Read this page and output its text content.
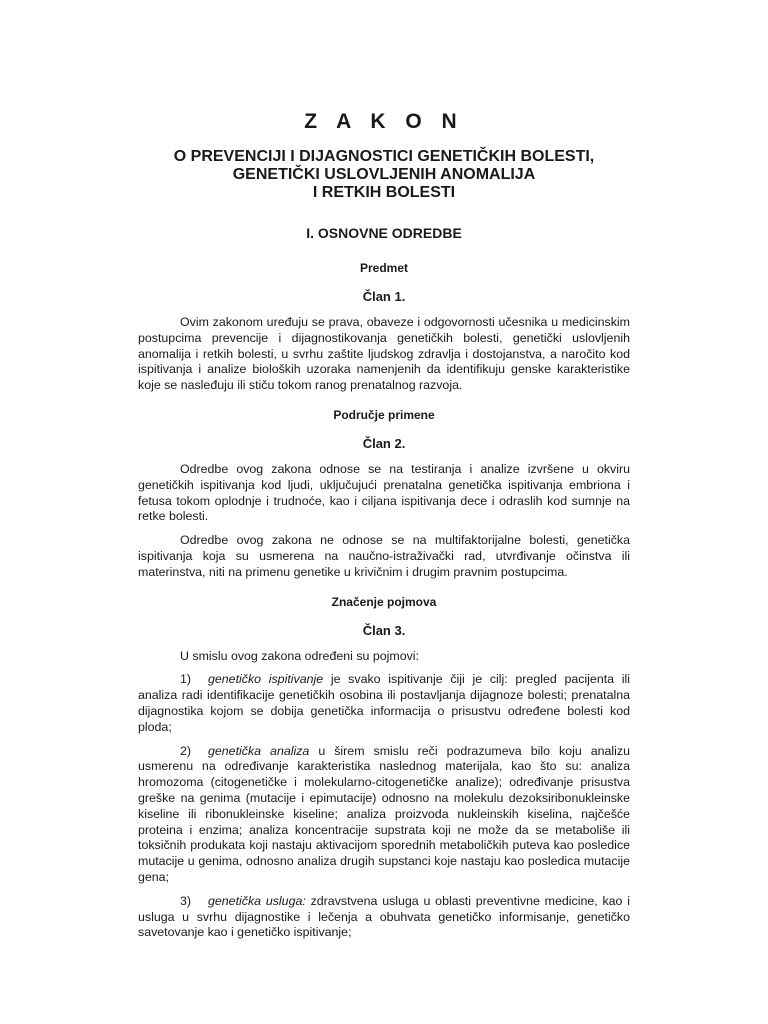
Z A K O N
O PREVENCIJI I DIJAGNOSTICI GENETIČKIH BOLESTI,
GENETIČKI USLOVLJENIH ANOMALIJA
I RETKIH BOLESTI
I. OSNOVNE ODREDBE
Predmet
Član 1.

Ovim zakonom uređuju se prava, obaveze i odgovornosti učesnika u medicinskim postupcima prevencije i dijagnostikovanja genetičkih bolesti, genetički uslovljenih anomalija i retkih bolesti, u svrhu zaštite ljudskog zdravlja i dostojanstva, a naročito kod ispitivanja i analize bioloških uzoraka namenjenih da identifikuju genske karakteristike koje se nasleđuju ili stiču tokom ranog prenatalnog razvoja.

Područje primene
Član 2.

Odredbe ovog zakona odnose se na testiranja i analize izvršene u okviru genetičkih ispitivanja kod ljudi, uključujući prenatalna genetička ispitivanja embriona i fetusa tokom oplodnje i trudnoće, kao i ciljana ispitivanja dece i odraslih kod sumnje na retke bolesti.

Odredbe ovog zakona ne odnose se na multifaktorijalne bolesti, genetička ispitivanja koja su usmerena na naučno-istraživački rad, utvrđivanje očinstva ili materinstva, niti na primenu genetike u krivičnim i drugim pravnim postupcima.

Značenje pojmova
Član 3.

U smislu ovog zakona određeni su pojmovi:

1) genetičko ispitivanje je svako ispitivanje čiji je cilj: pregled pacijenta ili analiza radi identifikacije genetičkih osobina ili postavljanja dijagnoze bolesti; prenatalna dijagnostika kojom se dobija genetička informacija o prisustvu određene bolesti kod ploda;

2) genetička analiza u širem smislu reči podrazumeva bilo koju analizu usmerenu na određivanje karakteristika naslednog materijala, kao što su: analiza hromozoma (citogenetičke i molekularno-citogenetičke analize); određivanje prisustva greške na genima (mutacije i epimutacije) odnosno na molekulu dezoksiribonukleinske kiseline ili ribonukleinske kiseline; analiza proizvoda nukleinskih kiselina, najčešće proteina i enzima; analiza koncentracije supstrata koji ne može da se metaboliše ili toksičnih produkata koji nastaju aktivacijom sporednih metaboličkih puteva kao posledice mutacije u genima, odnosno analiza drugih supstanci koje nastaju kao posledica mutacije gena;

3) genetička usluga: zdravstvena usluga u oblasti preventivne medicine, kao i usluga u svrhu dijagnostike i lečenja a obuhvata genetičko informisanje, genetičko savetovanje kao i genetičko ispitivanje;
